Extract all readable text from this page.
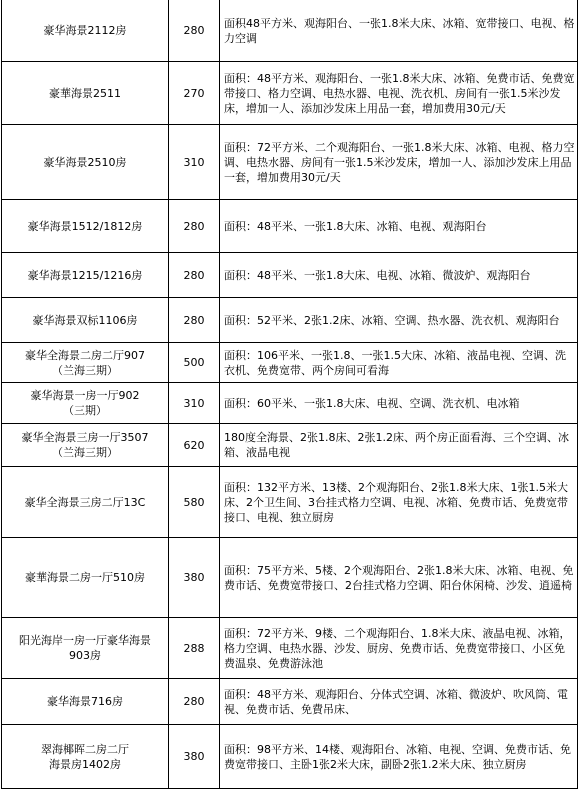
豪华海景2112房	280	面积48平方米、观海阳台、一张1.8米大床、冰箱、宽带接口、电视、格力空调

豪華海景2511	270	面积：48平方米、观海阳台、一张1.8米大床、冰箱、免费市话、免费宽带接口、格力空调、电热水器、电视、洗衣机、房间有一张1.5米沙发床，增加一人、添加沙发床上用品一套，增加费用30元/天

豪华海景2510房	310	面积：72平方米、二个观海阳台、一张1.8米大床、冰箱、电视、格力空调、电热水器、房间有一张1.5米沙发床，增加一人、添加沙发床上用品一套，增加费用30元/天

豪华海景1512/1812房	280	面积：48平米、一张1.8大床、冰箱、电视、观海阳台

豪华海景1215/1216房	280	面积：48平米、一张1.8大床、电视、冰箱、微波炉、观海阳台

豪华海景双标1106房	280	面积：52平米、2张1.2床、冰箱、空调、热水器、洗衣机、观海阳台

豪华全海景二房二厅907
（兰海三期）	500	面积：106平米、一张1.8、一张1.5大床、冰箱、液晶电视、空调、洗衣机、免费宽带、两个房间可看海

豪华海景一房一厅902
（三期）	310	面积：60平米、一张1.8大床、电视、空调、洗衣机、电冰箱

豪华全海景三房一厅3507
（兰海三期）	620	180度全海景、2张1.8床、2张1.2床、两个房正面看海、三个空调、冰箱、液晶电视

豪华全海景三房二厅13C	580	面积：132平方米、13楼、2个观海阳台、2张1.8米大床、1张1.5米大床、2个卫生间、3台挂式格力空调、电视、冰箱、免费市话、免费宽带接口、电视、独立厨房

豪華海景二房一厅510房	380	面积：75平方米、5楼、2个观海阳台、2张1.8米大床、冰箱、电视、免费市话、免费宽带接口、2台挂式格力空调、阳台休闲椅、沙发、逍遥椅

阳光海岸一房一厅豪华海景
903房	288	面积：72平方米、9楼、二个观海阳台、1.8米大床、液晶电视、冰箱，格力空调、电热水器、沙发、厨房、免费市话、免费宽带接口、小区免费温泉、免费游泳池

豪华海景716房	280	面积：48平方米、观海阳台、分体式空调、冰箱、微波炉、吹风筒、電視、免费市话、免費吊床、

翠海椰晖二房二厅
海景房1402房	380	面积：98平方米、14楼、观海阳台、冰箱、电视、空调、免费市话、免费宽带接口、主卧1张2米大床，副卧2张1.2米大床、独立厨房
